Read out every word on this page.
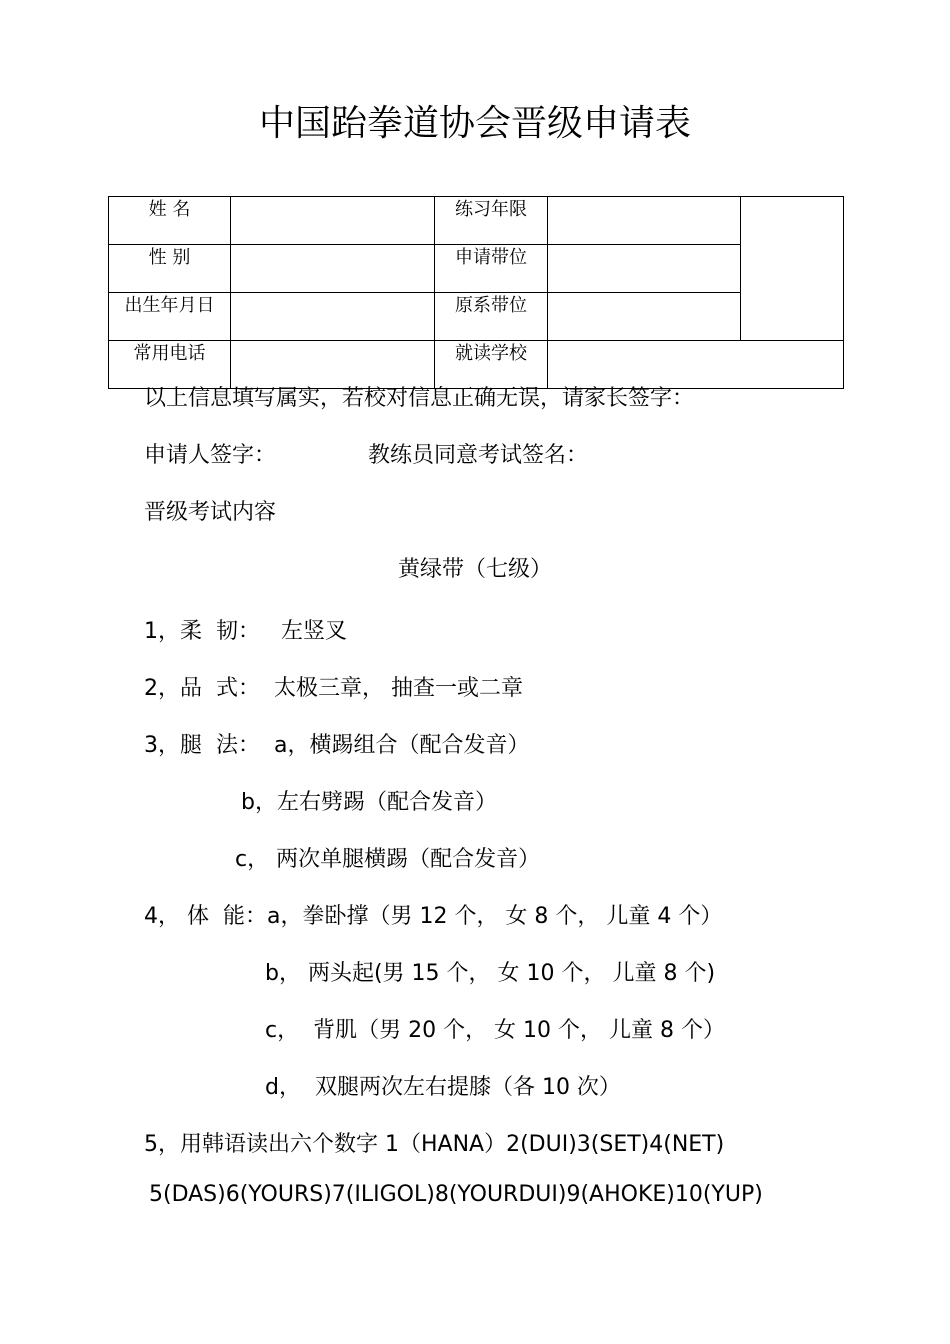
中国跆拳道协会晋级申请表
姓 名		练习年限		
性 别		申请带位		
出生年月日		原系带位		
常用电话		就读学校		
以上信息填写属实，若校对信息正确无误，请家长签字：
申请人签字：	教练员同意考试签名：
晋级考试内容
黄绿带（七级）
1，柔  韧：   左竖叉
2，品  式：  太极三章， 抽查一或二章
3，腿  法：  a，横踢组合（配合发音）
b，左右劈踢（配合发音）
c， 两次单腿横踢（配合发音）
4， 体  能：a，拳卧撑（男 12 个， 女 8 个， 儿童 4 个）
b， 两头起(男 15 个， 女 10 个， 儿童 8 个)
c，  背肌（男 20 个， 女 10 个， 儿童 8 个）
d，  双腿两次左右提膝（各 10 次）
5，用韩语读出六个数字 1（HANA）2(DUI)3(SET)4(NET)
5(DAS)6(YOURS)7(ILIGOL)8(YOURDUI)9(AHOKE)10(YUP)
